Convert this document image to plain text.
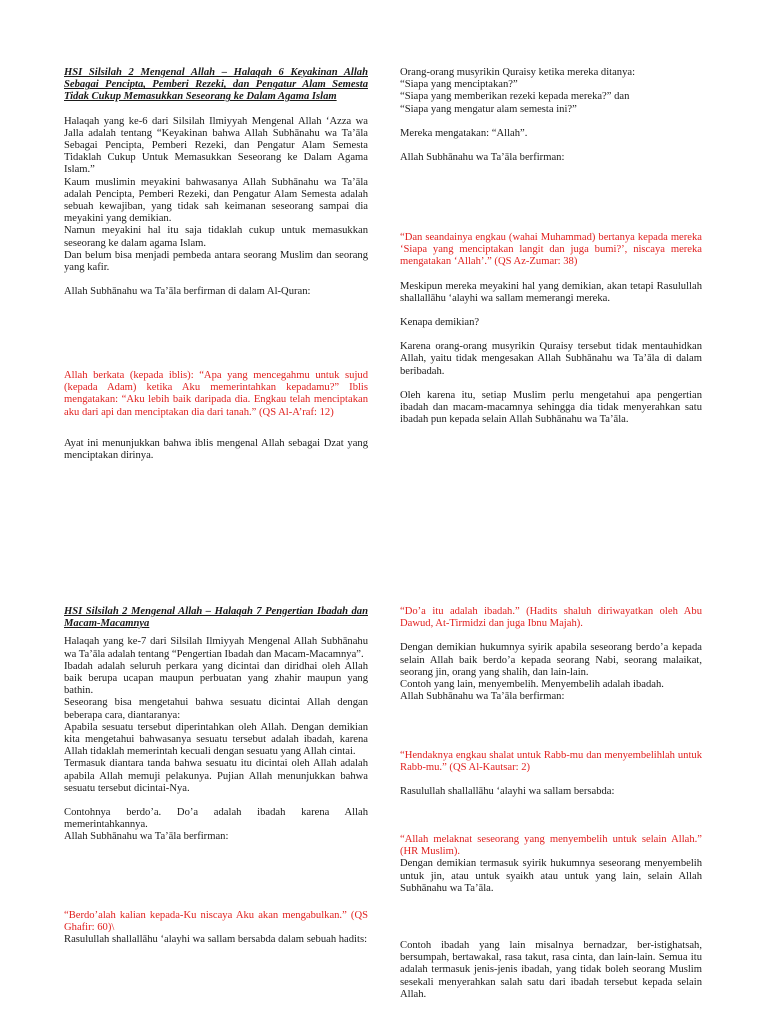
HSI Silsilah 2 Mengenal Allah – Halaqah 6 Keyakinan Allah Sebagai Pencipta, Pemberi Rezeki, dan Pengatur Alam Semesta Tidak Cukup Memasukkan Seseorang ke Dalam Agama Islam

Halaqah yang ke-6 dari Silsilah Ilmiyyah Mengenal Allah ‘Azza wa Jalla adalah tentang “Keyakinan bahwa Allah Subhānahu wa Ta’āla Sebagai Pencipta, Pemberi Rezeki, dan Pengatur Alam Semesta Tidaklah Cukup Untuk Memasukkan Seseorang ke Dalam Agama Islam.”

Kaum muslimin meyakini bahwasanya Allah Subhānahu wa Ta’āla adalah Pencipta, Pemberi Rezeki, dan Pengatur Alam Semesta adalah sebuah kewajiban, yang tidak sah keimanan seseorang sampai dia meyakini yang demikian.

Namun meyakini hal itu saja tidaklah cukup untuk memasukkan seseorang ke dalam agama Islam.

Dan belum bisa menjadi pembeda antara seorang Muslim dan seorang yang kafir.

Allah Subhānahu wa Ta’āla berfirman di dalam Al-Quran:

Allah berkata (kepada iblis): “Apa yang mencegahmu untuk sujud (kepada Adam) ketika Aku memerintahkan kepadamu?” Iblis mengatakan: “Aku lebih baik daripada dia. Engkau telah menciptakan aku dari api dan menciptakan dia dari tanah.” (QS Al-A’raf: 12)

Ayat ini menunjukkan bahwa iblis mengenal Allah sebagai Dzat yang menciptakan dirinya.

Orang-orang musyrikin Quraisy ketika mereka ditanya:

“Siapa yang menciptakan?”

“Siapa yang memberikan rezeki kepada mereka?” dan

“Siapa yang mengatur alam semesta ini?”

Mereka mengatakan: “Allah”.

Allah Subhānahu wa Ta’āla berfirman:

“Dan seandainya engkau (wahai Muhammad) bertanya kepada mereka ‘Siapa yang menciptakan langit dan juga bumi?’, niscaya mereka mengatakan ‘Allah’.” (QS Az-Zumar: 38)

Meskipun mereka meyakini hal yang demikian, akan tetapi Rasulullah shallallāhu ‘alayhi wa sallam memerangi mereka.

Kenapa demikian?

Karena orang-orang musyrikin Quraisy tersebut tidak mentauhidkan Allah, yaitu tidak mengesakan Allah Subhānahu wa Ta’āla di dalam beribadah.

Oleh karena itu, setiap Muslim perlu mengetahui apa pengertian ibadah dan macam-macamnya sehingga dia tidak menyerahkan satu ibadah pun kepada selain Allah Subhānahu wa Ta’āla.

HSI Silsilah 2 Mengenal Allah – Halaqah 7 Pengertian Ibadah dan Macam-Macamnya

Halaqah yang ke-7 dari Silsilah Ilmiyyah Mengenal Allah Subhānahu wa Ta’āla adalah tentang “Pengertian Ibadah dan Macam-Macamnya”.

Ibadah adalah seluruh perkara yang dicintai dan diridhai oleh Allah baik berupa ucapan maupun perbuatan yang zhahir maupun yang bathin.

Seseorang bisa mengetahui bahwa sesuatu dicintai Allah dengan beberapa cara, diantaranya:

Apabila sesuatu tersebut diperintahkan oleh Allah. Dengan demikian kita mengetahui bahwasanya sesuatu tersebut adalah ibadah, karena Allah tidaklah memerintah kecuali dengan sesuatu yang Allah cintai.

Termasuk diantara tanda bahwa sesuatu itu dicintai oleh Allah adalah apabila Allah memuji pelakunya. Pujian Allah menunjukkan bahwa sesuatu tersebut dicintai-Nya.

Contohnya berdo’a. Do’a adalah ibadah karena Allah memerintahkannya.

Allah Subhānahu wa Ta’āla berfirman:

“Berdo’alah kalian kepada-Ku niscaya Aku akan mengabulkan.” (QS Ghafir: 60)\

Rasulullah shallallāhu ‘alayhi wa sallam bersabda dalam sebuah hadits:

“Do’a itu adalah ibadah.” (Hadits shaluh diriwayatkan oleh Abu Dawud, At-Tirmidzi dan juga Ibnu Majah).

Dengan demikian hukumnya syirik apabila seseorang berdo’a kepada selain Allah baik berdo’a kepada seorang Nabi, seorang malaikat, seorang jin, orang yang shalih, dan lain-lain.

Contoh yang lain, menyembelih. Menyembelih adalah ibadah.

Allah Subhānahu wa Ta’āla berfirman:

“Hendaknya engkau shalat untuk Rabb-mu dan menyembelihlah untuk Rabb-mu.” (QS Al-Kautsar: 2)

Rasulullah shallallāhu ‘alayhi wa sallam bersabda:

“Allah melaknat seseorang yang menyembelih untuk selain Allah.” (HR Muslim).

Dengan demikian termasuk syirik hukumnya seseorang menyembelih untuk jin, atau untuk syaikh atau untuk yang lain, selain Allah Subhānahu wa Ta’āla.

Contoh ibadah yang lain misalnya bernadzar, ber-istighatsah, bersumpah, bertawakal, rasa takut, rasa cinta, dan lain-lain. Semua itu adalah termasuk jenis-jenis ibadah, yang tidak boleh seorang Muslim sesekali menyerahkan salah satu dari ibadah tersebut kepada selain Allah.
